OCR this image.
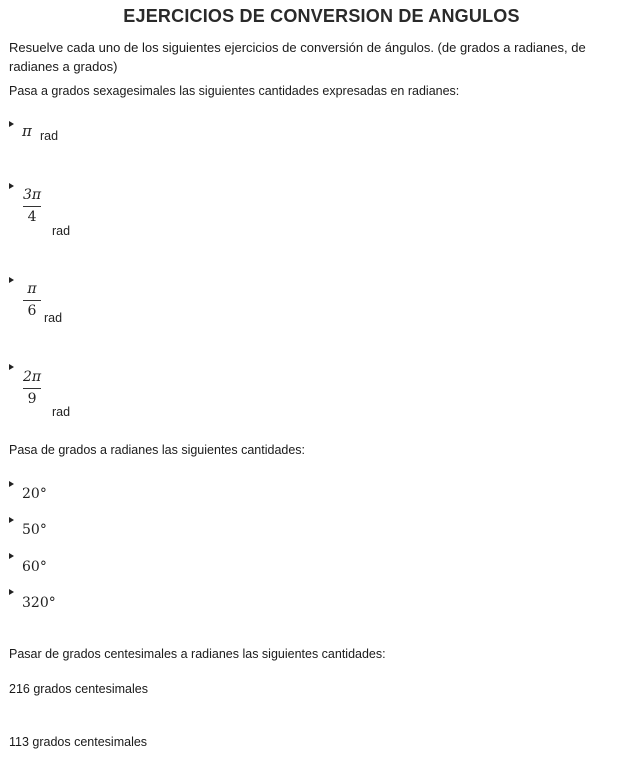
EJERCICIOS DE CONVERSION DE ANGULOS
Resuelve cada uno de los siguientes ejercicios de conversión de ángulos. (de grados a radianes, de radianes a grados)
Pasa a grados sexagesimales las siguientes cantidades expresadas en radianes:
π rad
3π
4
rad
π
6 rad
2π
9
rad
Pasa de grados a radianes las siguientes cantidades:
20°
50°
60°
320°
Pasar de grados centesimales a radianes las siguientes cantidades:
216 grados centesimales
113 grados centesimales
